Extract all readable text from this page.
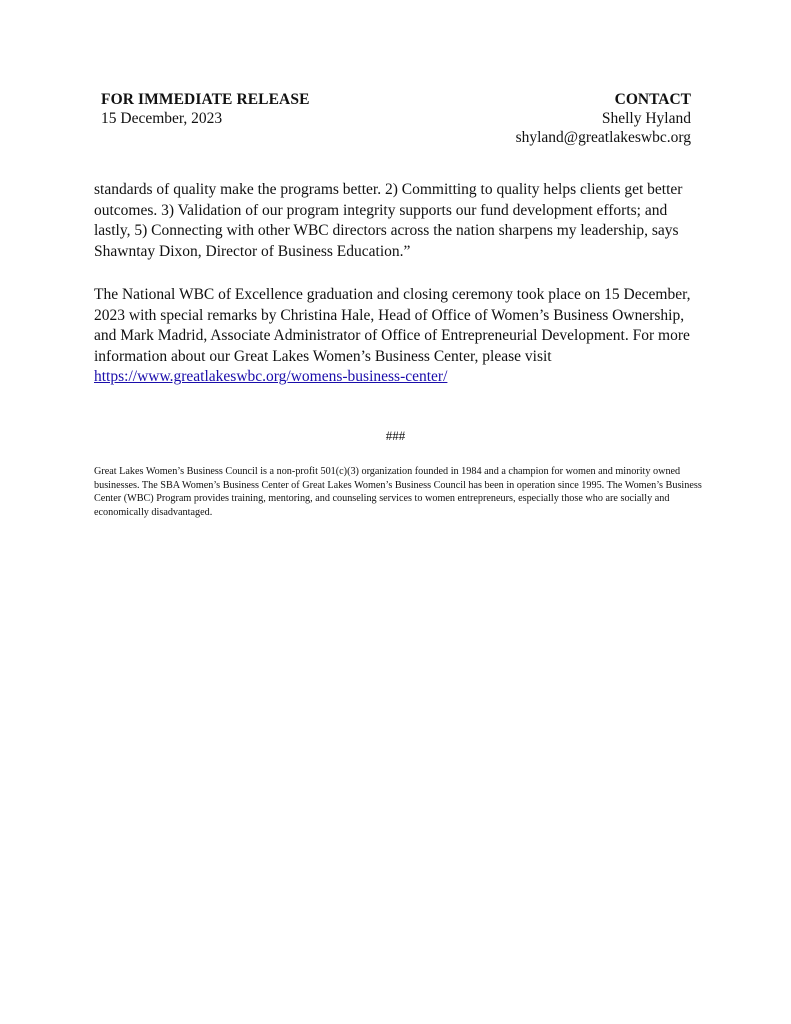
FOR IMMEDIATE RELEASE
15 December, 2023
CONTACT
Shelly Hyland
shyland@greatlakeswbc.org
standards of quality make the programs better. 2) Committing to quality helps clients get better outcomes. 3) Validation of our program integrity supports our fund development efforts; and lastly, 5) Connecting with other WBC directors across the nation sharpens my leadership, says Shawntay Dixon, Director of Business Education.”
The National WBC of Excellence graduation and closing ceremony took place on 15 December, 2023 with special remarks by Christina Hale, Head of Office of Women’s Business Ownership, and Mark Madrid, Associate Administrator of Office of Entrepreneurial Development. For more information about our Great Lakes Women’s Business Center, please visit https://www.greatlakeswbc.org/womens-business-center/
###
Great Lakes Women’s Business Council is a non-profit 501(c)(3) organization founded in 1984 and a champion for women and minority owned businesses. The SBA Women’s Business Center of Great Lakes Women’s Business Council has been in operation since 1995. The Women’s Business Center (WBC) Program provides training, mentoring, and counseling services to women entrepreneurs, especially those who are socially and economically disadvantaged.
